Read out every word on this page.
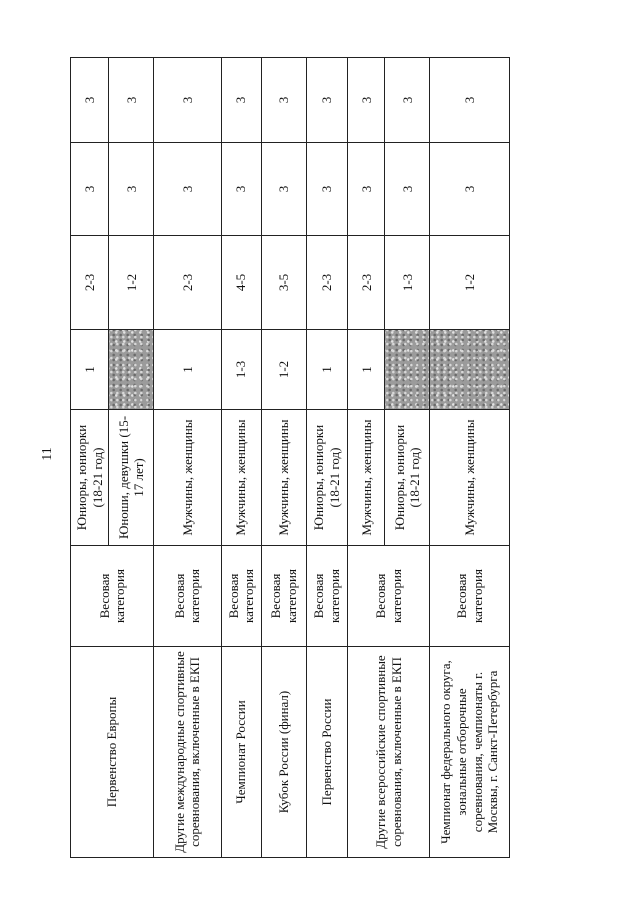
11
Первенство Европы	Весовая категория	Юниоры, юниорки (18-21 год)	1	2-3	3	3
		Юноши, девушки (15-17 лет)		1-2	3	3
Другие международные спортивные соревнования, включенные в ЕКП	Весовая категория	Мужчины, женщины	1	2-3	3	3
Чемпионат России	Весовая категория	Мужчины, женщины	1-3	4-5	3	3
Кубок России (финал)	Весовая категория	Мужчины, женщины	1-2	3-5	3	3
Первенство России	Весовая категория	Юниоры, юниорки (18-21 год)	1	2-3	3	3
Другие всероссийские спортивные соревнования, включенные в ЕКП	Весовая категория	Мужчины, женщины	1	2-3	3	3
		Юниоры, юниорки (18-21 год)		1-3	3	3
Чемпионат федерального округа, зональные отборочные соревнования, чемпионаты г. Москвы, г. Санкт-Петербурга	Весовая категория	Мужчины, женщины		1-2	3	3
